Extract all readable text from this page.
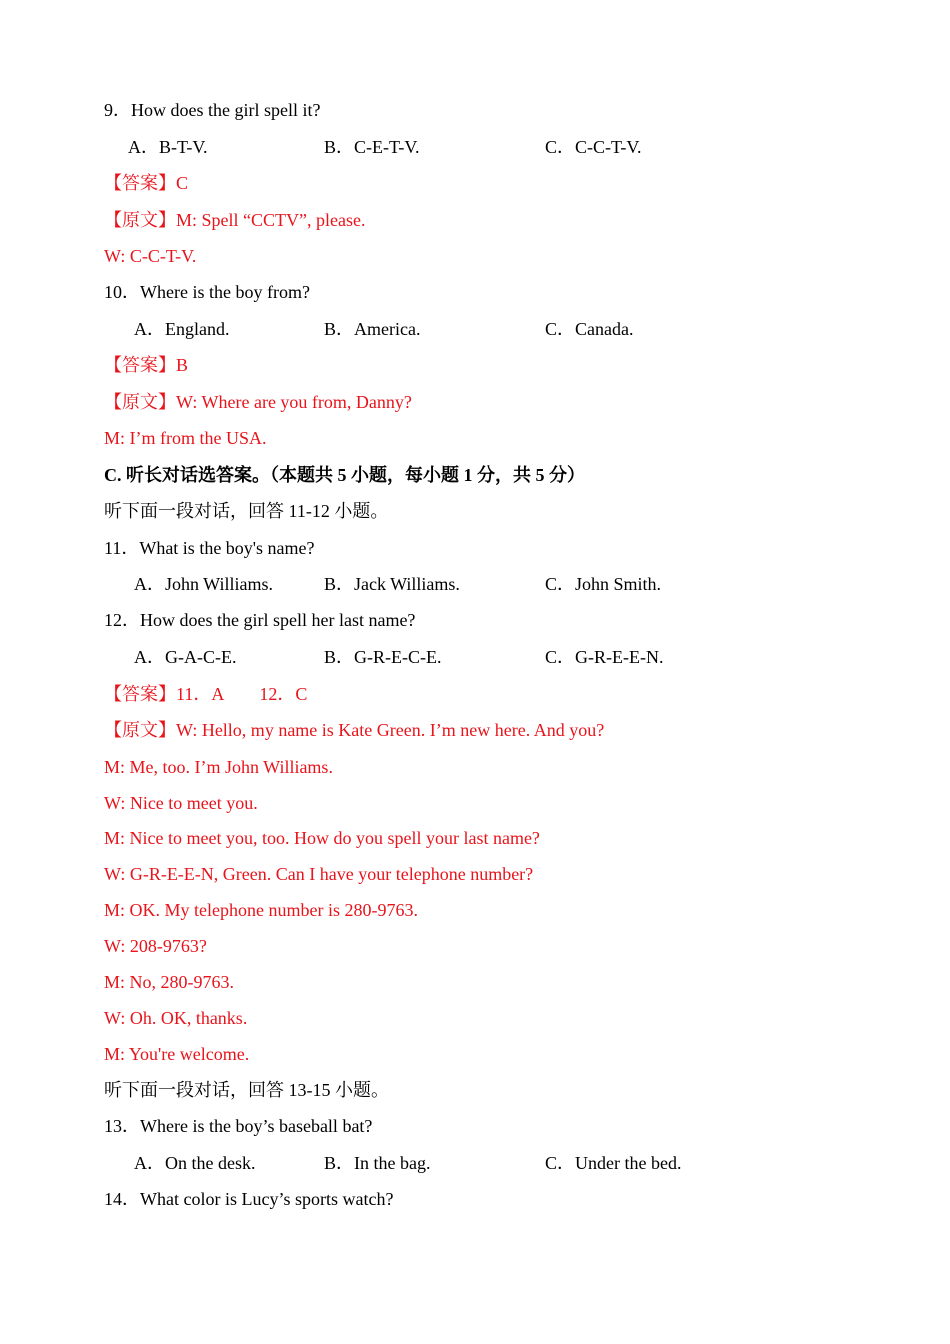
9．How does the girl spell it?
A．B-T-V.	B．C-E-T-V.	C．C-C-T-V.
【答案】C
【原文】M: Spell “CCTV”, please.
W: C-C-T-V.
10．Where is the boy from?
A．England.	B．America.	C．Canada.
【答案】B
【原文】W: Where are you from, Danny?
M: I’m from the USA.
C. 听长对话选答案。（本题共 5 小题，每小题 1 分，共 5 分）
听下面一段对话，回答 11-12 小题。
11．What is the boy's name?
A．John Williams.	B．Jack Williams.	C．John Smith.
12．How does the girl spell her last name?
A．G-A-C-E.	B．G-R-E-C-E.	C．G-R-E-E-N.
【答案】11．A　　12．C
【原文】W: Hello, my name is Kate Green. I’m new here. And you?
M: Me, too. I’m John Williams.
W: Nice to meet you.
M: Nice to meet you, too. How do you spell your last name?
W: G-R-E-E-N, Green. Can I have your telephone number?
M: OK. My telephone number is 280-9763.
W: 208-9763?
M: No, 280-9763.
W: Oh. OK, thanks.
M: You're welcome.
听下面一段对话，回答 13-15 小题。
13．Where is the boy’s baseball bat?
A．On the desk.	B．In the bag.	C．Under the bed.
14．What color is Lucy’s sports watch?
